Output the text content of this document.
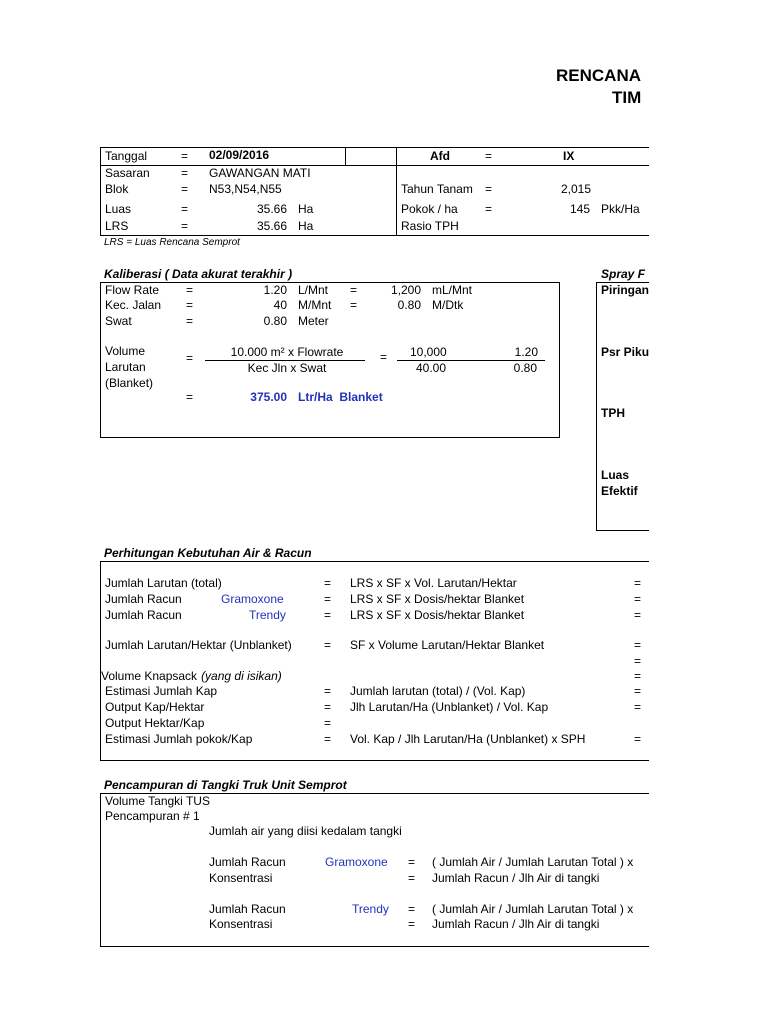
RENCANA
TIM
Tanggal	= 02/09/2016	Afd	=	IX
Sasaran	= GAWANGAN MATI
Blok	= N53,N54,N55	Tahun Tanam =	2,015
Luas	=	35.66 Ha	Pokok / ha =	145 Pkk/Ha
LRS	=	35.66 Ha	Rasio TPH
LRS = Luas Rencana Semprot
Kaliberasi ( Data akurat terakhir )
Flow Rate =	1.20 L/Mnt =	1,200 mL/Mnt
Kec. Jalan =	40 M/Mnt =	0.80 M/Dtk
Swat	=	0.80 Meter
Volume
Larutan
(Blanket)
=	10.000 m² x Flowrate
Kec Jln x Swat
= 10,000	1.20
40.00	0.80
=	375.00 Ltr/Ha  Blanket
Spray F
Piringan
Psr Piku
TPH
Luas
Efektif
Perhitungan Kebutuhan Air & Racun
Jumlah Larutan (total)	= LRS x SF x Vol. Larutan/Hektar	=
Jumlah Racun	Gramoxone	= LRS x SF x Dosis/hektar Blanket	=
Jumlah Racun	Trendy	= LRS x SF x Dosis/hektar Blanket	=
Jumlah Larutan/Hektar (Unblanket)	= SF x Volume Larutan/Hektar Blanket	=
=
Volume Knapsack (yang di isikan)	=
Estimasi Jumlah Kap	= Jumlah larutan (total) / (Vol. Kap)	=
Output Kap/Hektar	= Jlh Larutan/Ha (Unblanket) / Vol. Kap	=
Output Hektar/Kap	=
Estimasi Jumlah pokok/Kap	= Vol. Kap / Jlh Larutan/Ha (Unblanket) x SPH	=
Pencampuran di Tangki Truk Unit Semprot
Volume Tangki TUS
Pencampuran # 1
Jumlah air yang diisi kedalam tangki
Jumlah Racun	Gramoxone = ( Jumlah Air / Jumlah Larutan Total ) x
Konsentrasi	= Jumlah Racun / Jlh Air di tangki
Jumlah Racun	Trendy = ( Jumlah Air / Jumlah Larutan Total ) x
Konsentrasi	= Jumlah Racun / Jlh Air di tangki
